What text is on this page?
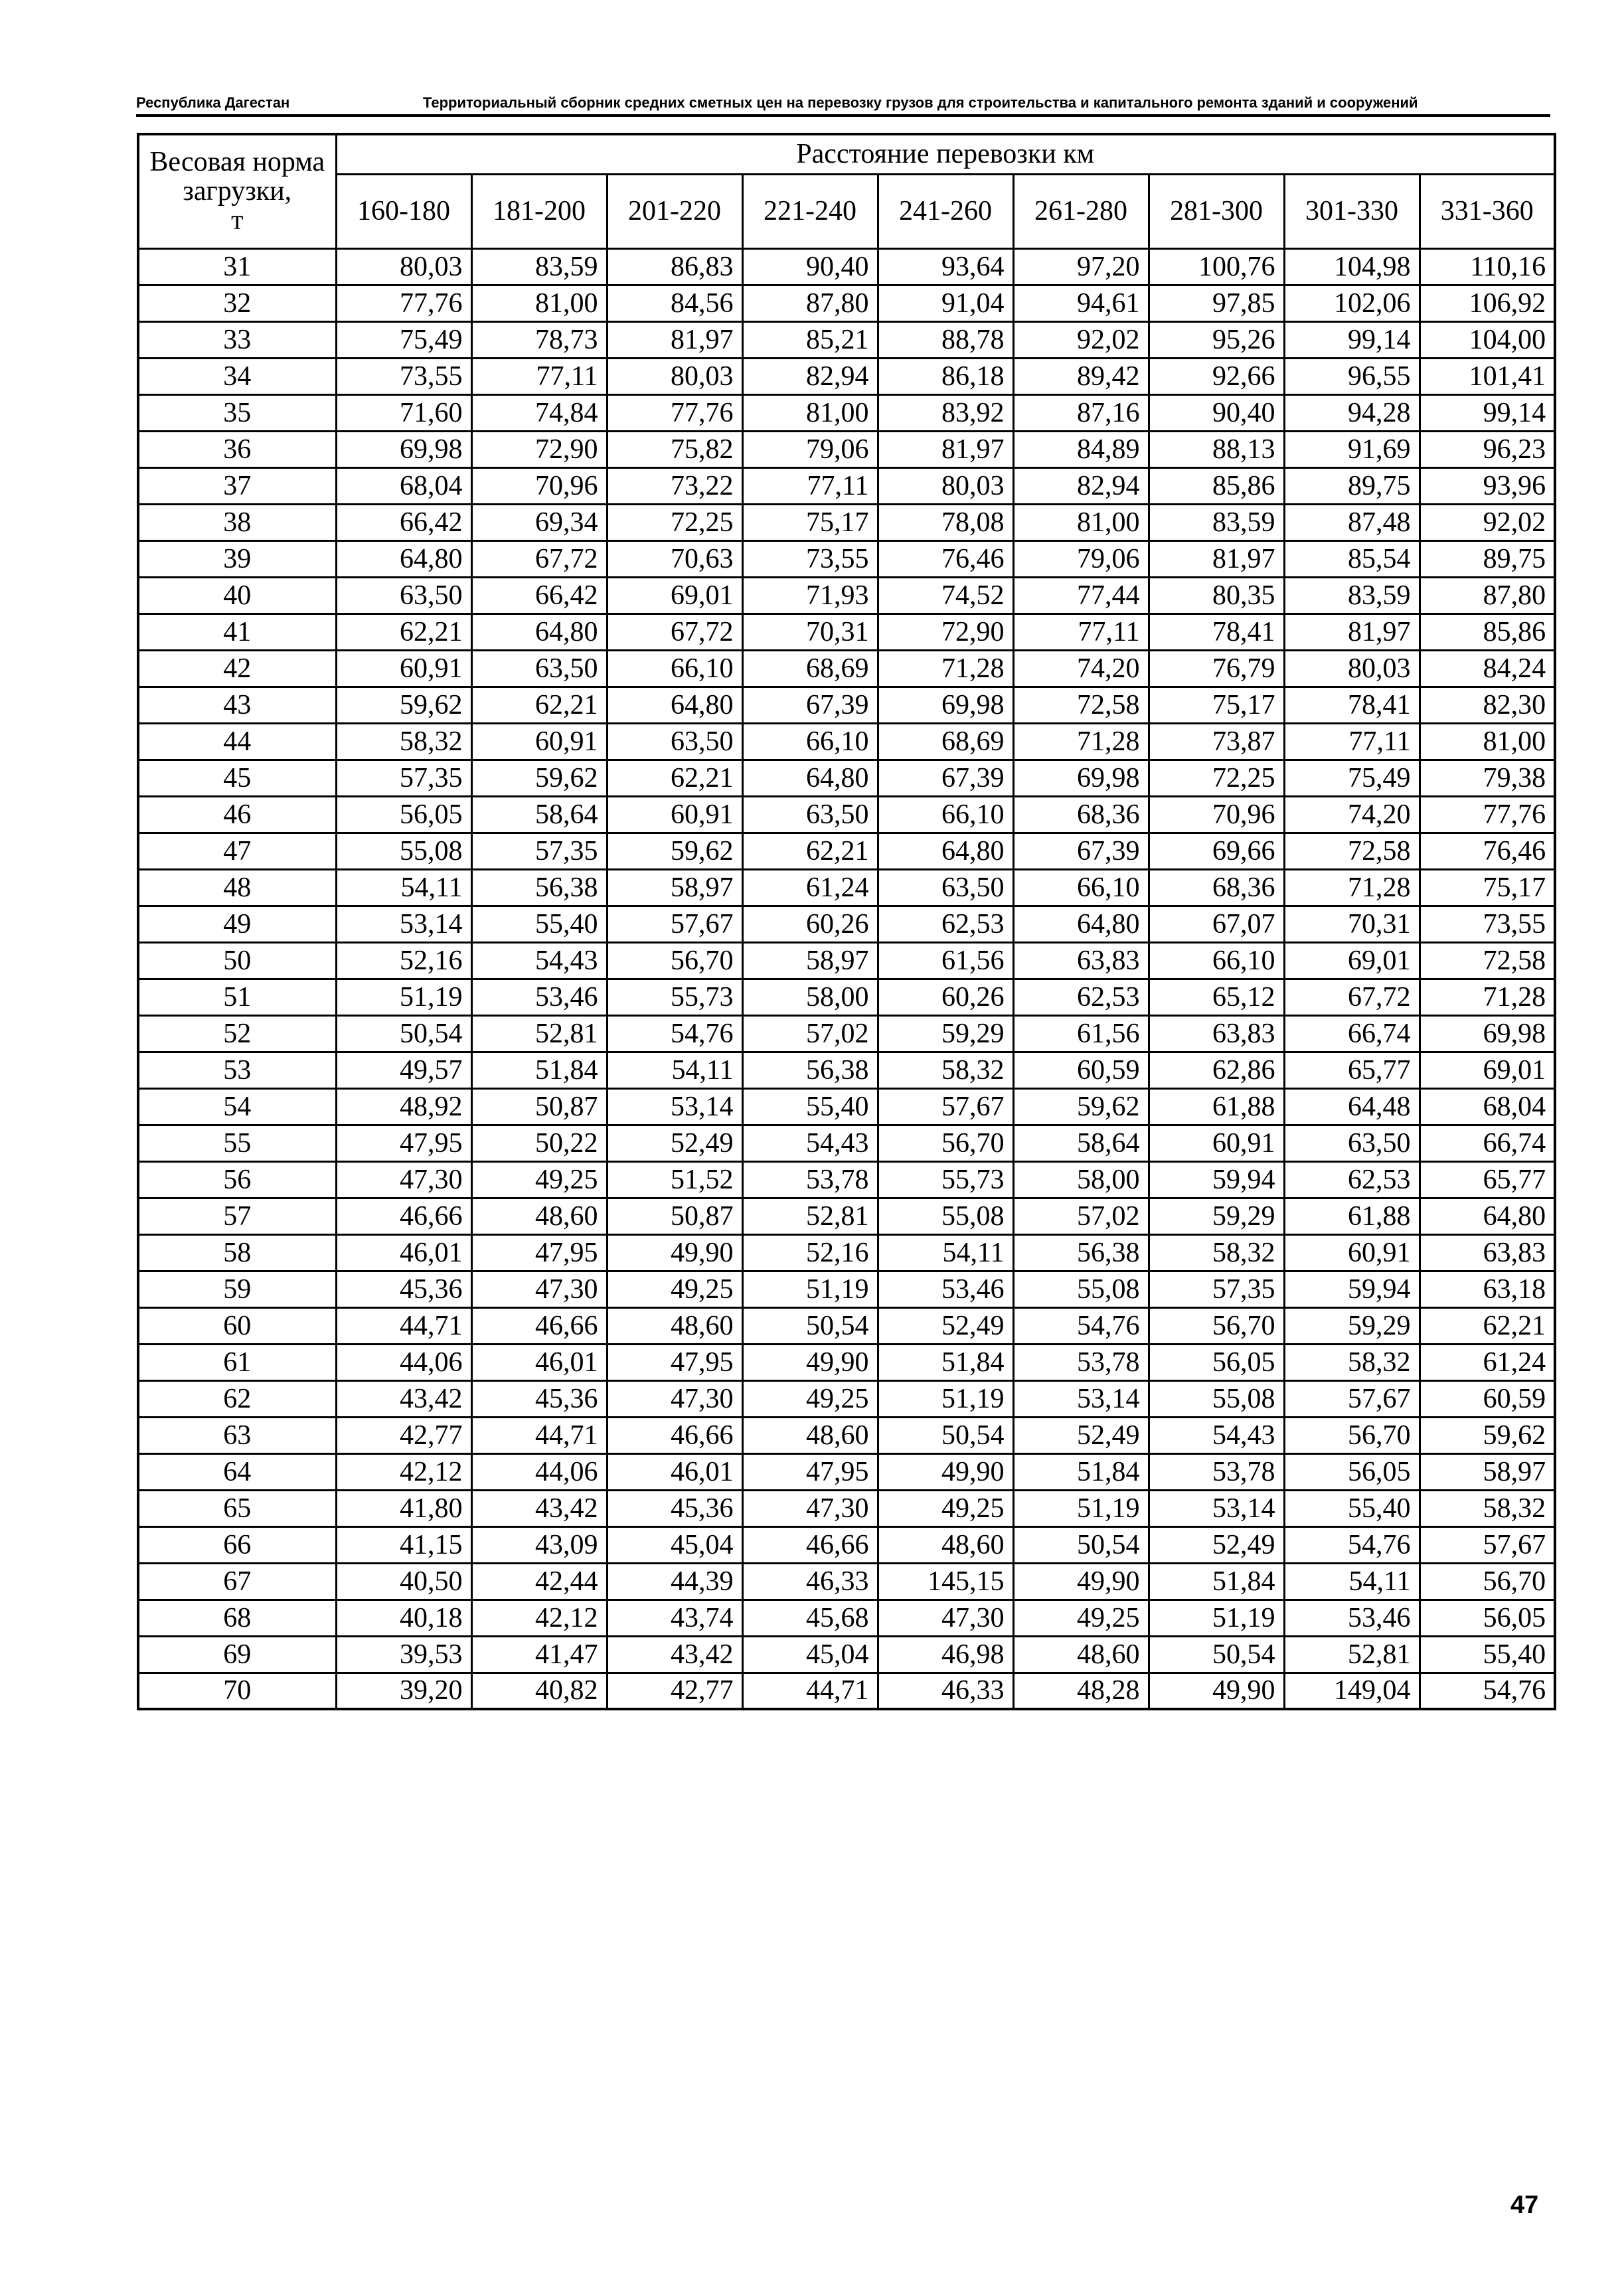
Республика Дагестан	Территориальный сборник средних сметных цен на перевозку грузов для строительства и капитального ремонта зданий и сооружений
Весовая норма
загрузки,
т	Расстояние перевозки км								
	160-180	181-200	201-220	221-240	241-260	261-280	281-300	301-330	331-360
31	80,03	83,59	86,83	90,40	93,64	97,20	100,76	104,98	110,16
32	77,76	81,00	84,56	87,80	91,04	94,61	97,85	102,06	106,92
33	75,49	78,73	81,97	85,21	88,78	92,02	95,26	99,14	104,00
34	73,55	77,11	80,03	82,94	86,18	89,42	92,66	96,55	101,41
35	71,60	74,84	77,76	81,00	83,92	87,16	90,40	94,28	99,14
36	69,98	72,90	75,82	79,06	81,97	84,89	88,13	91,69	96,23
37	68,04	70,96	73,22	77,11	80,03	82,94	85,86	89,75	93,96
38	66,42	69,34	72,25	75,17	78,08	81,00	83,59	87,48	92,02
39	64,80	67,72	70,63	73,55	76,46	79,06	81,97	85,54	89,75
40	63,50	66,42	69,01	71,93	74,52	77,44	80,35	83,59	87,80
41	62,21	64,80	67,72	70,31	72,90	77,11	78,41	81,97	85,86
42	60,91	63,50	66,10	68,69	71,28	74,20	76,79	80,03	84,24
43	59,62	62,21	64,80	67,39	69,98	72,58	75,17	78,41	82,30
44	58,32	60,91	63,50	66,10	68,69	71,28	73,87	77,11	81,00
45	57,35	59,62	62,21	64,80	67,39	69,98	72,25	75,49	79,38
46	56,05	58,64	60,91	63,50	66,10	68,36	70,96	74,20	77,76
47	55,08	57,35	59,62	62,21	64,80	67,39	69,66	72,58	76,46
48	54,11	56,38	58,97	61,24	63,50	66,10	68,36	71,28	75,17
49	53,14	55,40	57,67	60,26	62,53	64,80	67,07	70,31	73,55
50	52,16	54,43	56,70	58,97	61,56	63,83	66,10	69,01	72,58
51	51,19	53,46	55,73	58,00	60,26	62,53	65,12	67,72	71,28
52	50,54	52,81	54,76	57,02	59,29	61,56	63,83	66,74	69,98
53	49,57	51,84	54,11	56,38	58,32	60,59	62,86	65,77	69,01
54	48,92	50,87	53,14	55,40	57,67	59,62	61,88	64,48	68,04
55	47,95	50,22	52,49	54,43	56,70	58,64	60,91	63,50	66,74
56	47,30	49,25	51,52	53,78	55,73	58,00	59,94	62,53	65,77
57	46,66	48,60	50,87	52,81	55,08	57,02	59,29	61,88	64,80
58	46,01	47,95	49,90	52,16	54,11	56,38	58,32	60,91	63,83
59	45,36	47,30	49,25	51,19	53,46	55,08	57,35	59,94	63,18
60	44,71	46,66	48,60	50,54	52,49	54,76	56,70	59,29	62,21
61	44,06	46,01	47,95	49,90	51,84	53,78	56,05	58,32	61,24
62	43,42	45,36	47,30	49,25	51,19	53,14	55,08	57,67	60,59
63	42,77	44,71	46,66	48,60	50,54	52,49	54,43	56,70	59,62
64	42,12	44,06	46,01	47,95	49,90	51,84	53,78	56,05	58,97
65	41,80	43,42	45,36	47,30	49,25	51,19	53,14	55,40	58,32
66	41,15	43,09	45,04	46,66	48,60	50,54	52,49	54,76	57,67
67	40,50	42,44	44,39	46,33	145,15	49,90	51,84	54,11	56,70
68	40,18	42,12	43,74	45,68	47,30	49,25	51,19	53,46	56,05
69	39,53	41,47	43,42	45,04	46,98	48,60	50,54	52,81	55,40
70	39,20	40,82	42,77	44,71	46,33	48,28	49,90	149,04	54,76
47
